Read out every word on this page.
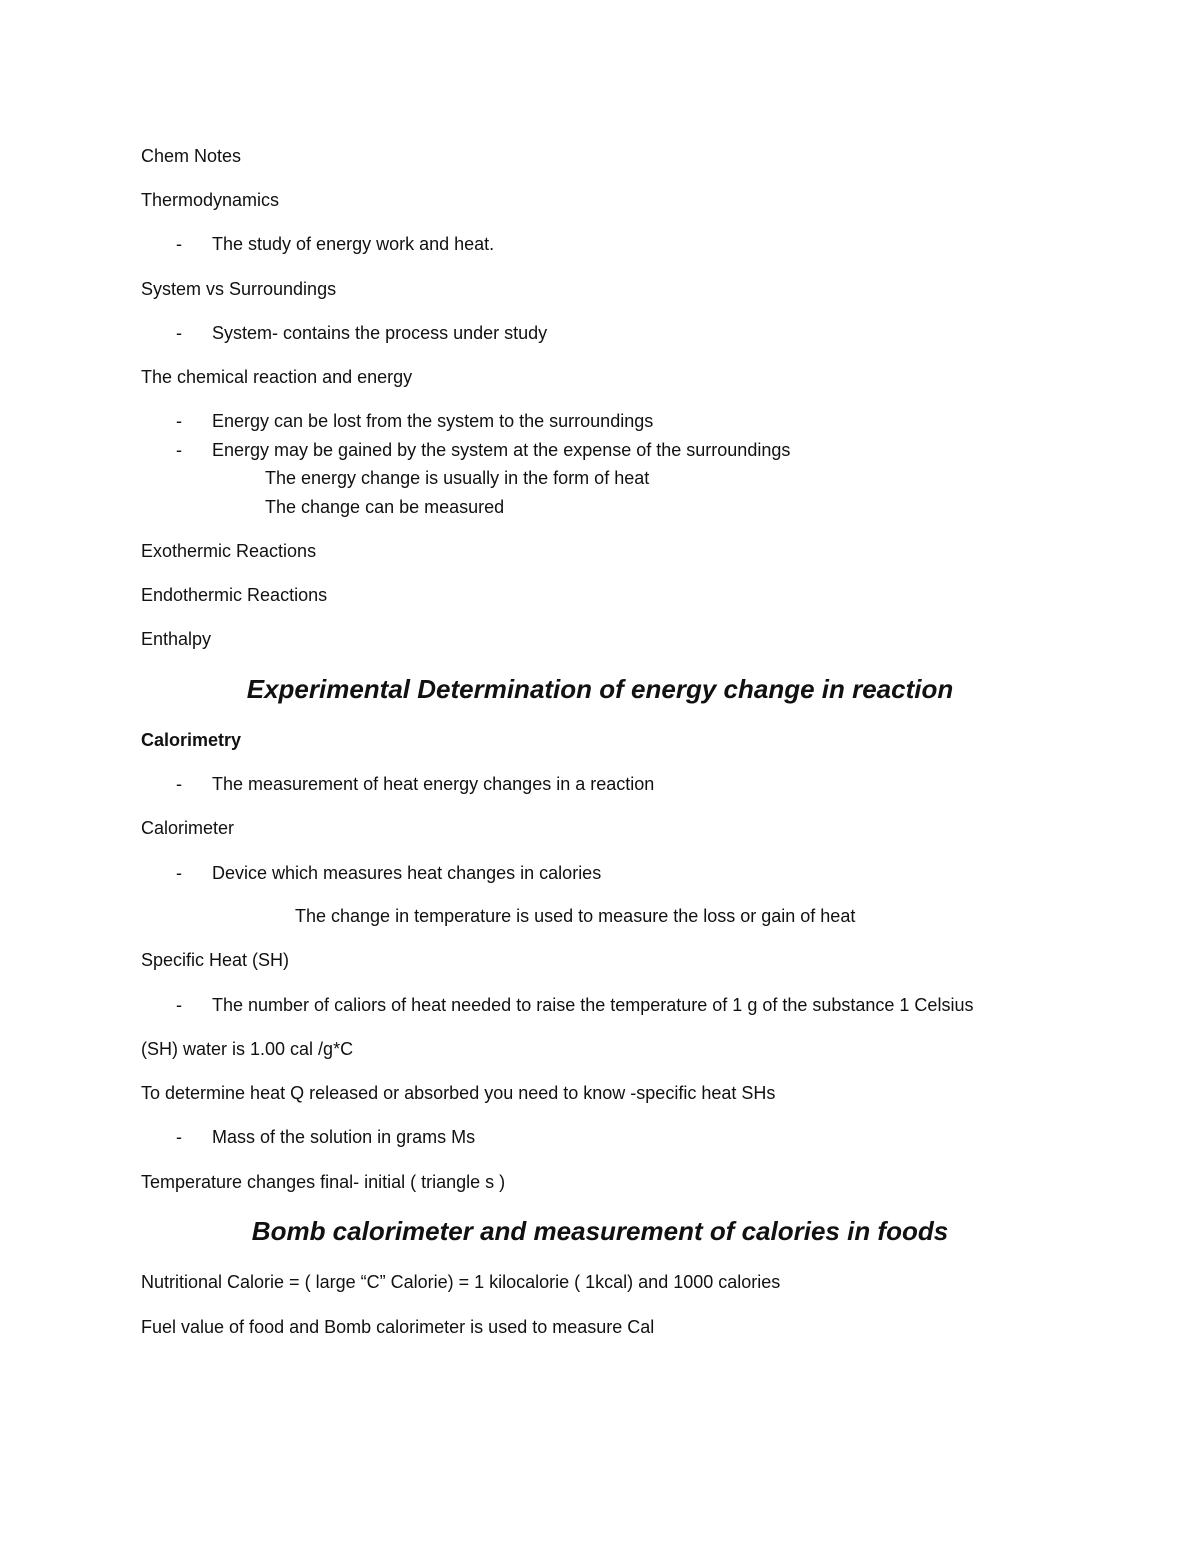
Chem Notes
Thermodynamics
- The study of energy work and heat.
System vs Surroundings
- System- contains the process under study
The chemical reaction and energy
- Energy can be lost from the system to the surroundings
- Energy may be gained by the system at the expense of the surroundings
The energy change is usually in the form of heat
The change can be measured
Exothermic Reactions
Endothermic Reactions
Enthalpy
Experimental Determination of energy change in reaction
Calorimetry
- The measurement of heat energy changes in a reaction
Calorimeter
- Device which measures heat changes in calories
The change in temperature is used to measure the loss or gain of heat
Specific Heat (SH)
- The number of caliors of heat needed to raise the temperature of 1 g of the substance 1 Celsius
(SH) water is 1.00 cal /g*C
To determine heat Q released or absorbed you need to know -specific heat SHs
- Mass of the solution in grams Ms
Temperature changes final- initial ( triangle s )
Bomb calorimeter and measurement of calories in foods
Nutritional Calorie = ( large “C” Calorie) = 1 kilocalorie ( 1kcal) and 1000 calories
Fuel value of food and Bomb calorimeter is used to measure Cal
